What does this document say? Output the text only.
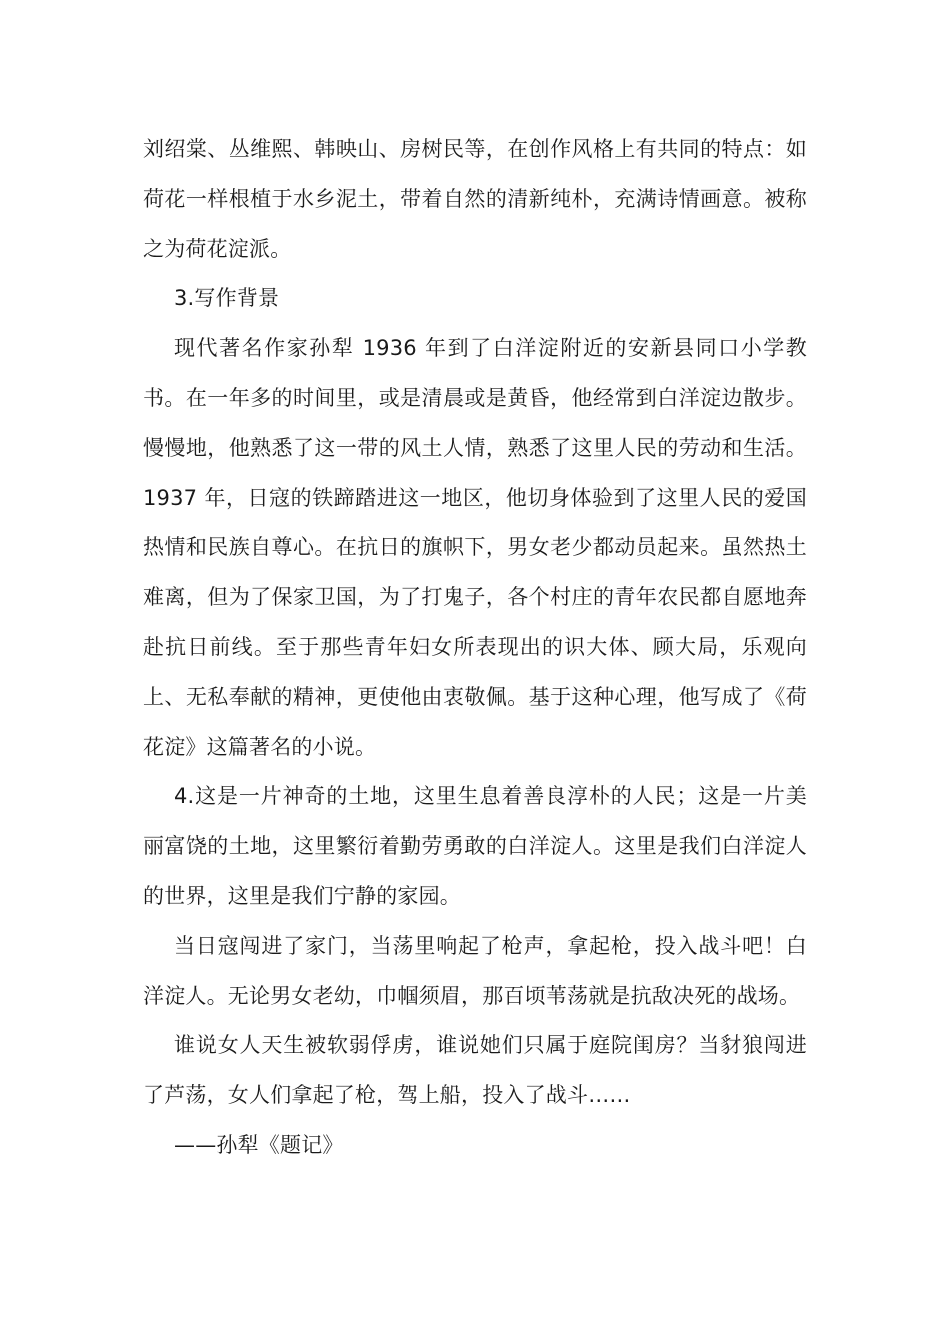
刘绍棠、丛维熙、韩映山、房树民等，在创作风格上有共同的特点：如荷花一样根植于水乡泥土，带着自然的清新纯朴，充满诗情画意。被称之为荷花淀派。

3.写作背景

现代著名作家孙犁 1936 年到了白洋淀附近的安新县同口小学教书。在一年多的时间里，或是清晨或是黄昏，他经常到白洋淀边散步。慢慢地，他熟悉了这一带的风土人情，熟悉了这里人民的劳动和生活。1937 年，日寇的铁蹄踏进这一地区，他切身体验到了这里人民的爱国热情和民族自尊心。在抗日的旗帜下，男女老少都动员起来。虽然热土难离，但为了保家卫国，为了打鬼子，各个村庄的青年农民都自愿地奔赴抗日前线。至于那些青年妇女所表现出的识大体、顾大局，乐观向上、无私奉献的精神，更使他由衷敬佩。基于这种心理，他写成了《荷花淀》这篇著名的小说。

4.这是一片神奇的土地，这里生息着善良淳朴的人民；这是一片美丽富饶的土地，这里繁衍着勤劳勇敢的白洋淀人。这里是我们白洋淀人的世界，这里是我们宁静的家园。

当日寇闯进了家门，当荡里响起了枪声，拿起枪，投入战斗吧！白洋淀人。无论男女老幼，巾帼须眉，那百顷苇荡就是抗敌决死的战场。

谁说女人天生被软弱俘虏，谁说她们只属于庭院闺房？当豺狼闯进了芦荡，女人们拿起了枪，驾上船，投入了战斗……

——孙犁《题记》
